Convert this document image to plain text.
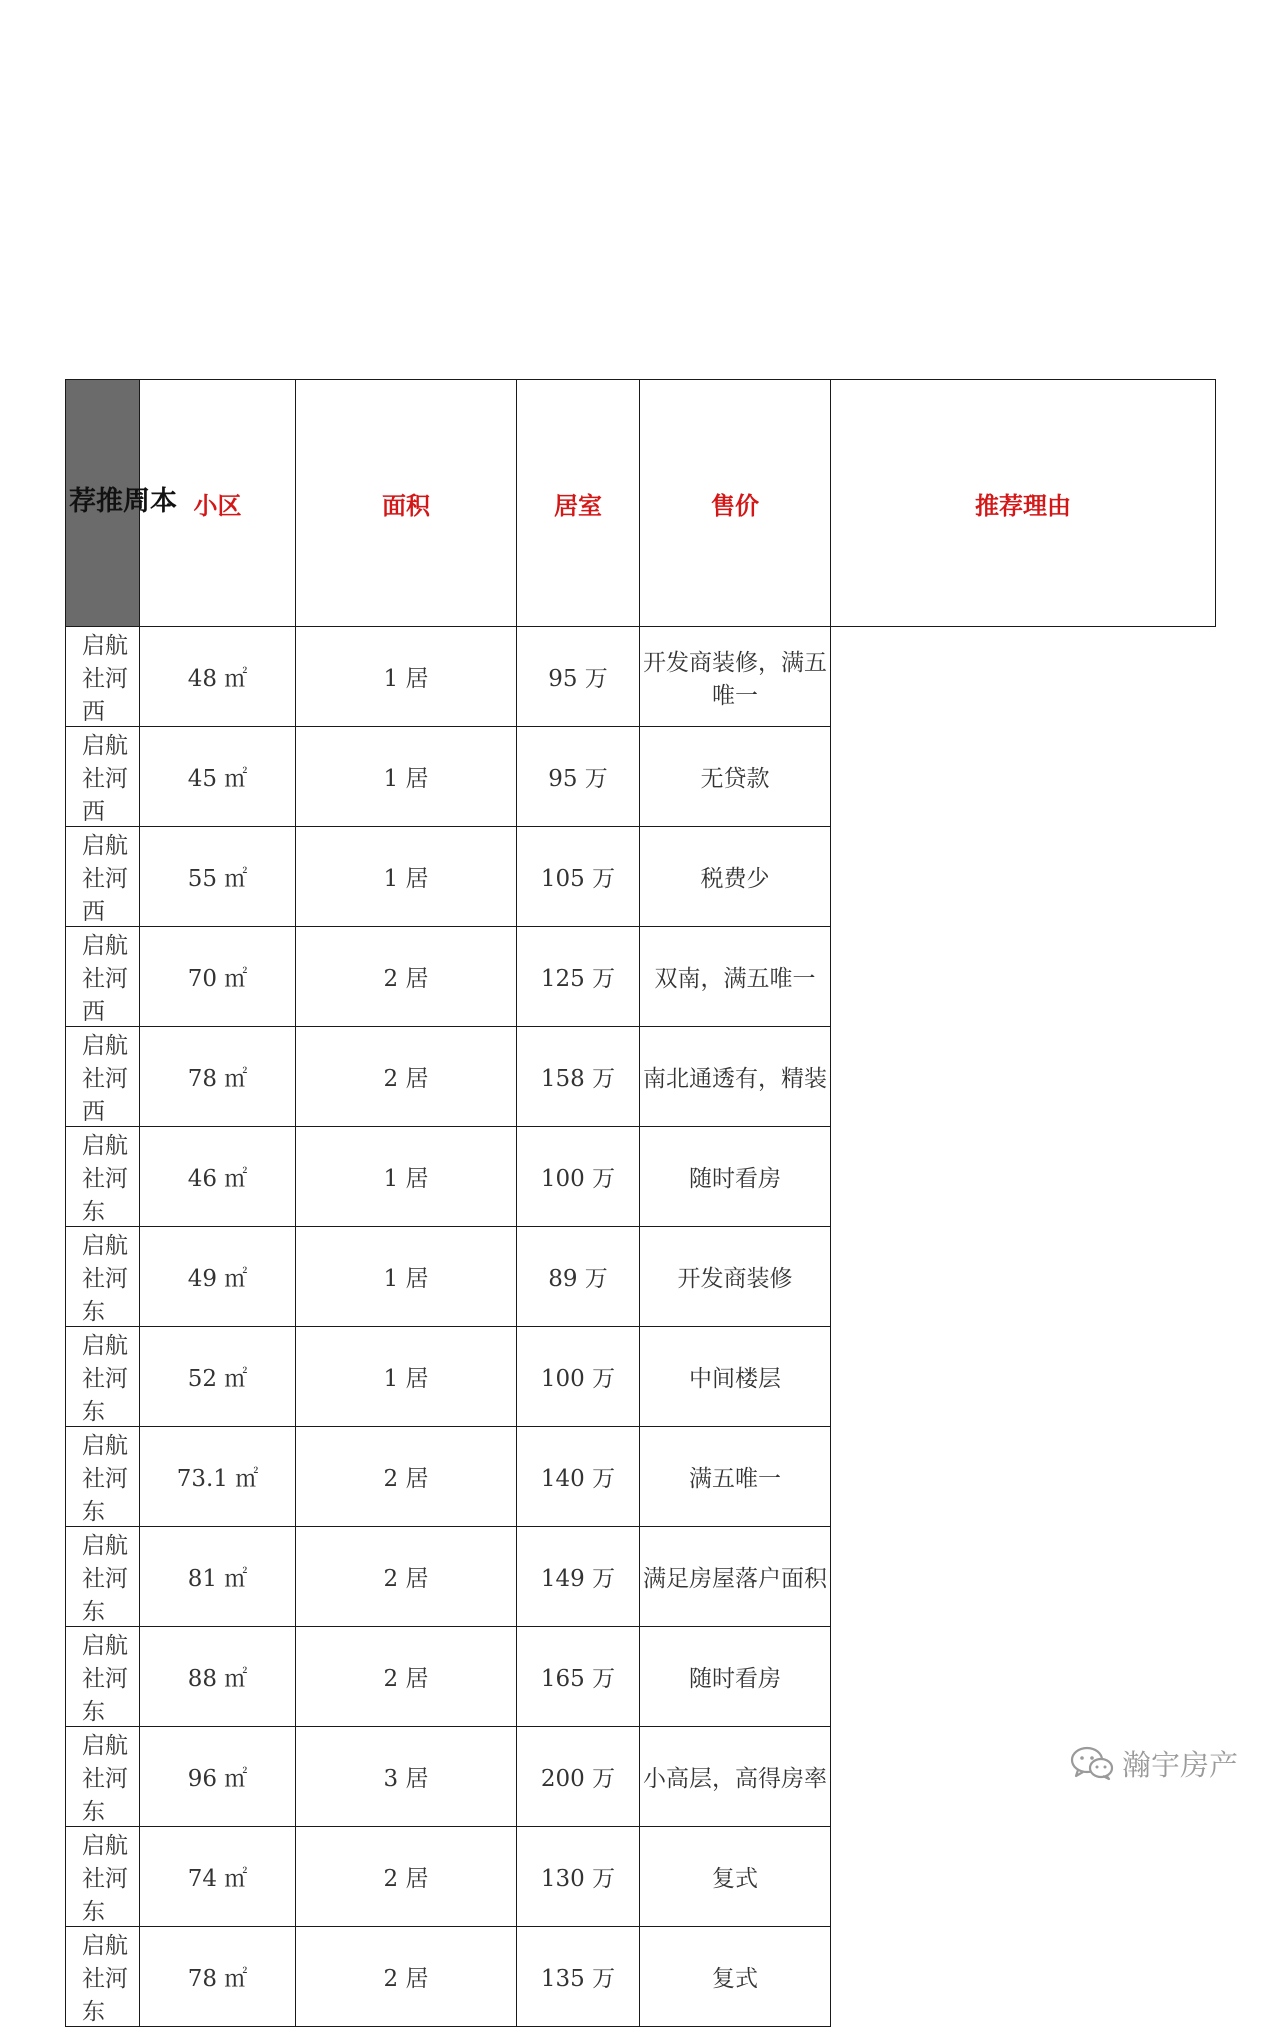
本周推荐	小区	面积	居室	售价	推荐理由
启航社河西	48 ㎡	1 居	95 万	开发商装修，满五唯一	
启航社河西	45 ㎡	1 居	95 万	无贷款	
启航社河西	55 ㎡	1 居	105 万	税费少	
启航社河西	70 ㎡	2 居	125 万	双南，满五唯一	
启航社河西	78 ㎡	2 居	158 万	南北通透有，精装	
启航社河东	46 ㎡	1 居	100 万	随时看房	
启航社河东	49 ㎡	1 居	89 万	开发商装修	
启航社河东	52 ㎡	1 居	100 万	中间楼层	
启航社河东	73.1 ㎡	2 居	140 万	满五唯一	
启航社河东	81 ㎡	2 居	149 万	满足房屋落户面积	
启航社河东	88 ㎡	2 居	165 万	随时看房	
启航社河东	96 ㎡	3 居	200 万	小高层，高得房率	
启航社河东	74 ㎡	2 居	130 万	复式	
启航社河东	78 ㎡	2 居	135 万	复式	
瀚宇房产
